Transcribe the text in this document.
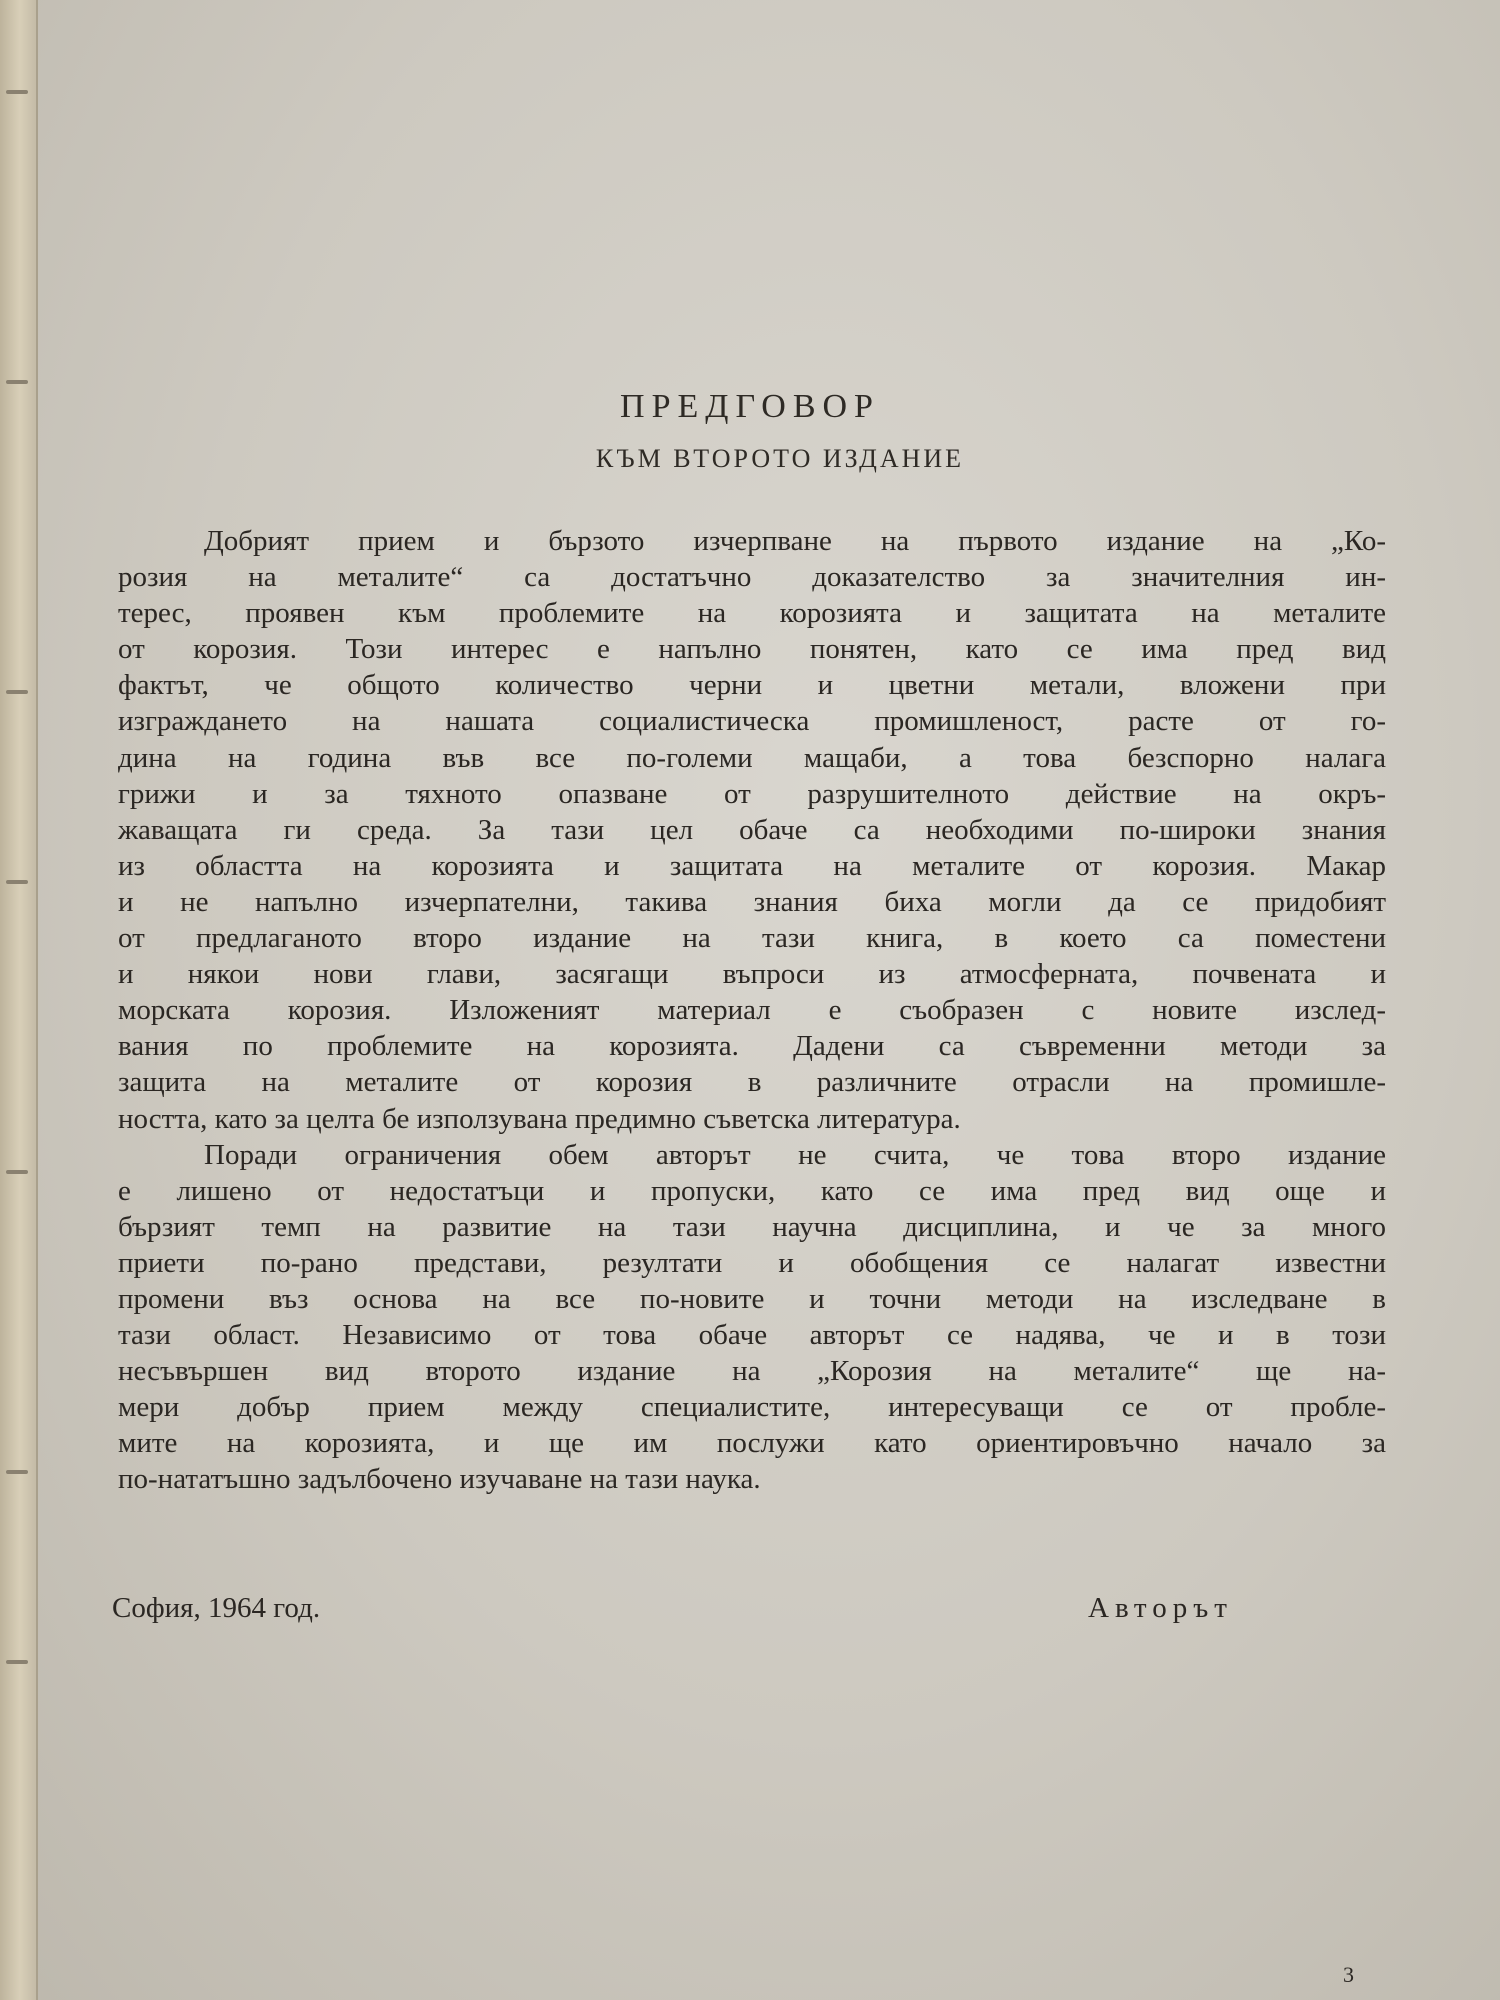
ПРЕДГОВОР
КЪМ ВТОРОТО ИЗДАНИЕ
Добрият прием и бързото изчерпване на първото издание на „Ко-
розия на металите“ са достатъчно доказателство за значителния ин-
терес, проявен към проблемите на корозията и защитата на металите
от корозия. Този интерес е напълно понятен, като се има пред вид
фактът, че общото количество черни и цветни метали, вложени при
изграждането на нашата социалистическа промишленост, расте от го-
дина на година във все по-големи мащаби, а това безспорно налага
грижи и за тяхното опазване от разрушителното действие на окръ-
жаващата ги среда. За тази цел обаче са необходими по-широки знания
из областта на корозията и защитата на металите от корозия. Макар
и не напълно изчерпателни, такива знания биха могли да се придобият
от предлаганото второ издание на тази книга, в което са поместени
и някои нови глави, засягащи въпроси из атмосферната, почвената и
морската корозия. Изложеният материал е съобразен с новите изслед-
вания по проблемите на корозията. Дадени са съвременни методи за
защита на металите от корозия в различните отрасли на промишле-
ността, като за целта бе използувана предимно съветска литература.
Поради ограничения обем авторът не счита, че това второ издание
е лишено от недостатъци и пропуски, като се има пред вид още и
бързият темп на развитие на тази научна дисциплина, и че за много
приети по-рано представи, резултати и обобщения се налагат известни
промени въз основа на все по-новите и точни методи на изследване в
тази област. Независимо от това обаче авторът се надява, че и в този
несъвършен вид второто издание на „Корозия на металите“ ще на-
мери добър прием между специалистите, интересуващи се от пробле-
мите на корозията, и ще им послужи като ориентировъчно начало за
по-нататъшно задълбочено изучаване на тази наука.
София, 1964 год.	Авторът
3
